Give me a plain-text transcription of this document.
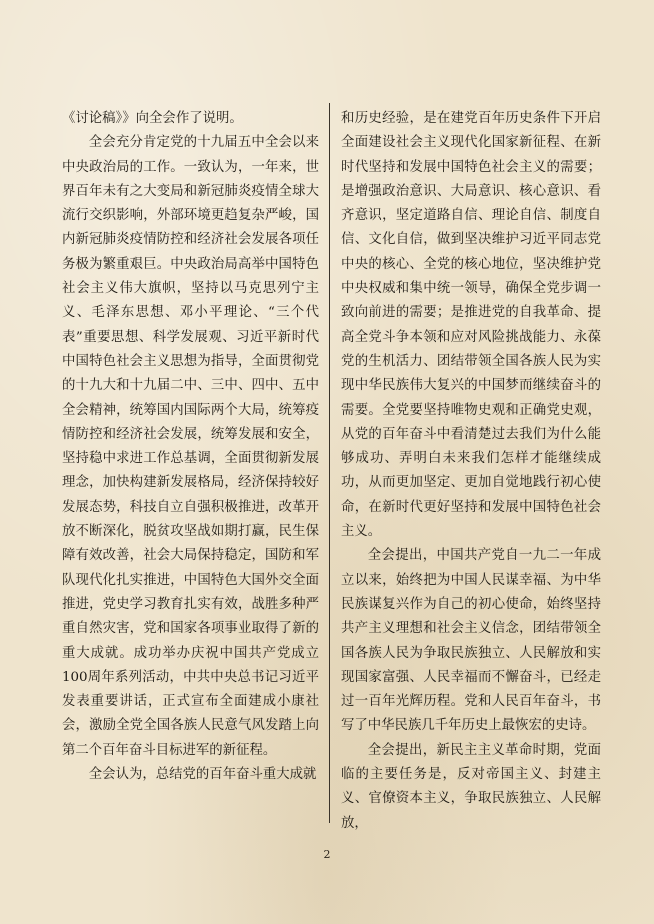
《讨论稿》》向全会作了说明。

全会充分肯定党的十九届五中全会以来中央政治局的工作。一致认为，一年来，世界百年未有之大变局和新冠肺炎疫情全球大流行交织影响，外部环境更趋复杂严峻，国内新冠肺炎疫情防控和经济社会发展各项任务极为繁重艰巨。中央政治局高举中国特色社会主义伟大旗帜，坚持以马克思列宁主义、毛泽东思想、邓小平理论、“三个代表”重要思想、科学发展观、习近平新时代中国特色社会主义思想为指导，全面贯彻党的十九大和十九届二中、三中、四中、五中全会精神，统筹国内国际两个大局，统筹疫情防控和经济社会发展，统筹发展和安全，坚持稳中求进工作总基调，全面贯彻新发展理念，加快构建新发展格局，经济保持较好发展态势，科技自立自强积极推进，改革开放不断深化，脱贫攻坚战如期打赢，民生保障有效改善，社会大局保持稳定，国防和军队现代化扎实推进，中国特色大国外交全面推进，党史学习教育扎实有效，战胜多种严重自然灾害，党和国家各项事业取得了新的重大成就。成功举办庆祝中国共产党成立100周年系列活动，中共中央总书记习近平发表重要讲话，正式宣布全面建成小康社会，激励全党全国各族人民意气风发踏上向第二个百年奋斗目标进军的新征程。

全会认为，总结党的百年奋斗重大成就

和历史经验，是在建党百年历史条件下开启全面建设社会主义现代化国家新征程、在新时代坚持和发展中国特色社会主义的需要；是增强政治意识、大局意识、核心意识、看齐意识，坚定道路自信、理论自信、制度自信、文化自信，做到坚决维护习近平同志党中央的核心、全党的核心地位，坚决维护党中央权威和集中统一领导，确保全党步调一致向前进的需要；是推进党的自我革命、提高全党斗争本领和应对风险挑战能力、永葆党的生机活力、团结带领全国各族人民为实现中华民族伟大复兴的中国梦而继续奋斗的需要。全党要坚持唯物史观和正确党史观，从党的百年奋斗中看清楚过去我们为什么能够成功、弄明白未来我们怎样才能继续成功，从而更加坚定、更加自觉地践行初心使命，在新时代更好坚持和发展中国特色社会主义。

全会提出，中国共产党自一九二一年成立以来，始终把为中国人民谋幸福、为中华民族谋复兴作为自己的初心使命，始终坚持共产主义理想和社会主义信念，团结带领全国各族人民为争取民族独立、人民解放和实现国家富强、人民幸福而不懈奋斗，已经走过一百年光辉历程。党和人民百年奋斗，书写了中华民族几千年历史上最恢宏的史诗。

全会提出，新民主主义革命时期，党面临的主要任务是，反对帝国主义、封建主义、官僚资本主义，争取民族独立、人民解放，

2
